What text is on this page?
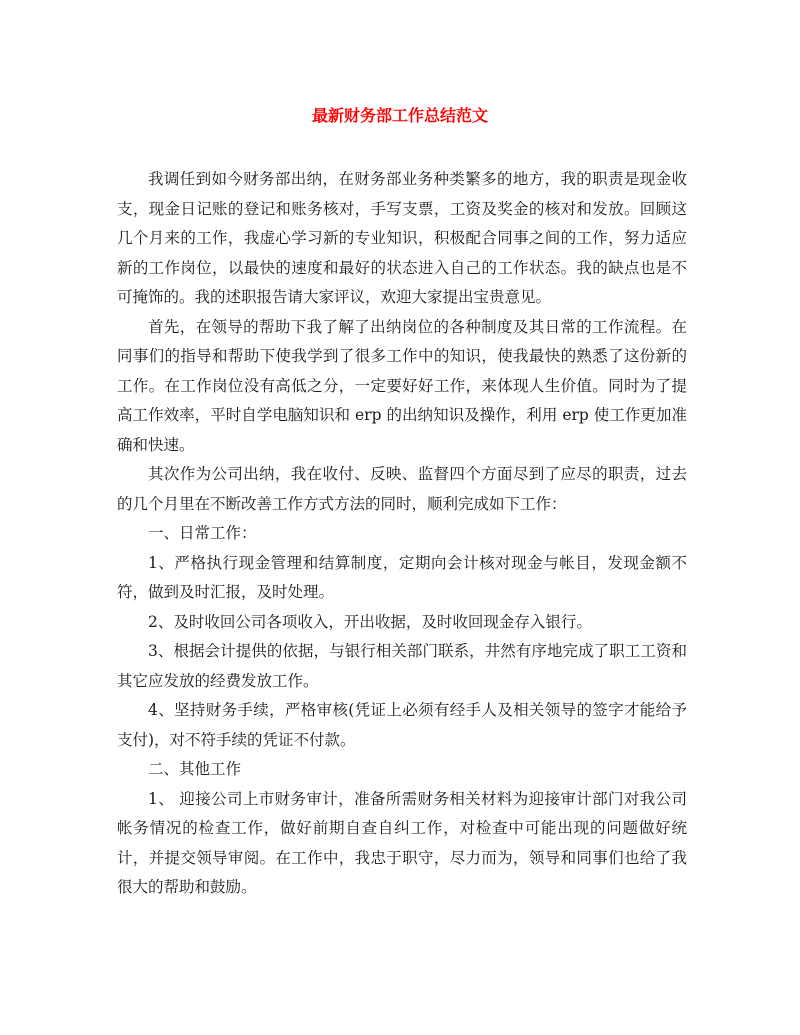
最新财务部工作总结范文

我调任到如今财务部出纳，在财务部业务种类繁多的地方，我的职责是现金收支，现金日记账的登记和账务核对，手写支票，工资及奖金的核对和发放。回顾这几个月来的工作，我虚心学习新的专业知识，积极配合同事之间的工作，努力适应新的工作岗位，以最快的速度和最好的状态进入自己的工作状态。我的缺点也是不可掩饰的。我的述职报告请大家评议，欢迎大家提出宝贵意见。

首先，在领导的帮助下我了解了出纳岗位的各种制度及其日常的工作流程。在同事们的指导和帮助下使我学到了很多工作中的知识，使我最快的熟悉了这份新的工作。在工作岗位没有高低之分，一定要好好工作，来体现人生价值。同时为了提高工作效率，平时自学电脑知识和 erp 的出纳知识及操作，利用 erp 使工作更加准确和快速。

其次作为公司出纳，我在收付、反映、监督四个方面尽到了应尽的职责，过去的几个月里在不断改善工作方式方法的同时，顺利完成如下工作：

一、日常工作：

1、严格执行现金管理和结算制度，定期向会计核对现金与帐目，发现金额不符，做到及时汇报，及时处理。

2、及时收回公司各项收入，开出收据，及时收回现金存入银行。

3、根据会计提供的依据，与银行相关部门联系，井然有序地完成了职工工资和其它应发放的经费发放工作。

4、坚持财务手续，严格审核(凭证上必须有经手人及相关领导的签字才能给予支付)，对不符手续的凭证不付款。

二、其他工作

1、 迎接公司上市财务审计，准备所需财务相关材料为迎接审计部门对我公司帐务情况的检查工作，做好前期自查自纠工作，对检查中可能出现的问题做好统计，并提交领导审阅。在工作中，我忠于职守，尽力而为，领导和同事们也给了我很大的帮助和鼓励。
